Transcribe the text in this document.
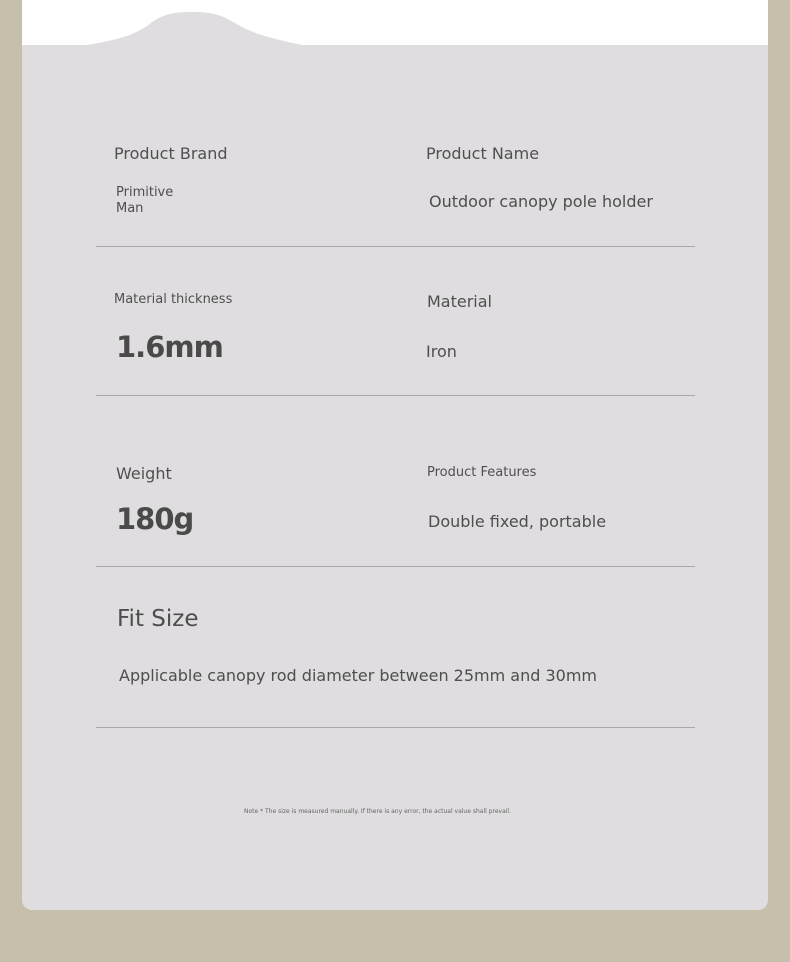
Product Brand
Primitive
Man
Product Name
Outdoor canopy pole holder
Material thickness
1.6mm
Material
Iron
Weight
180g
Product Features
Double fixed, portable
Fit Size
Applicable canopy rod diameter between 25mm and 30mm
Note * The size is measured manually. If there is any error, the actual value shall prevail.
